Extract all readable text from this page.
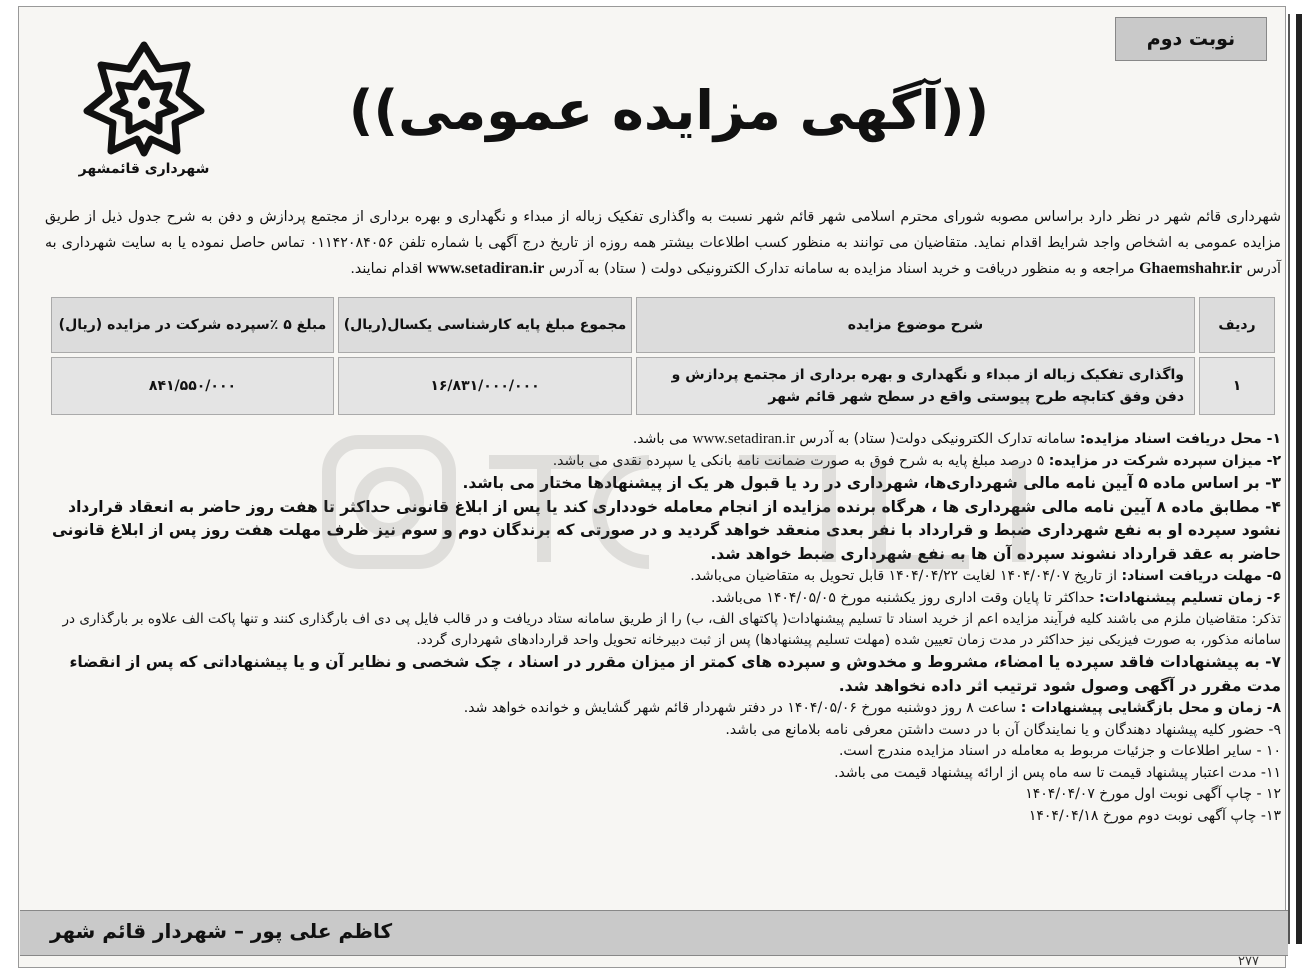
نوبت دوم
شهرداری قائمشهر
((آگهی مزایده عمومی))
شهرداری قائم شهر در نظر دارد براساس مصوبه شورای محترم اسلامی شهر قائم شهر نسبت به واگذاری تفکیک زباله از مبداء و نگهداری و بهره برداری از مجتمع پردازش و دفن به شرح جدول ذیل از طریق مزایده عمومی به اشخاص واجد شرایط اقدام نماید. متقاضیان می توانند به منظور کسب اطلاعات بیشتر همه روزه از تاریخ درج آگهی با شماره تلفن ۰۱۱۴۲۰۸۴۰۵۶ تماس حاصل نموده یا به سایت شهرداری به آدرس Ghaemshahr.ir مراجعه و به منظور دریافت و خرید اسناد مزایده به سامانه تدارک الکترونیکی دولت ( ستاد) به آدرس www.setadiran.ir اقدام نمایند.
ردیف	شرح موضوع مزایده	مجموع مبلغ پایه کارشناسی یکسال(ریال)	مبلغ ۵ ٪سپرده شرکت در مزایده (ریال)
۱	واگذاری تفکیک زباله از مبداء و نگهداری و بهره برداری از مجتمع پردازش و دفن وفق کتابچه طرح پیوستی واقع در سطح شهر قائم شهر	۱۶/۸۳۱/۰۰۰/۰۰۰	۸۴۱/۵۵۰/۰۰۰

۱- محل دریافت اسناد مزایده: سامانه تدارک الکترونیکی دولت( ستاد) به آدرس www.setadiran.ir می باشد.

۲- میزان سپرده شرکت در مزایده: ۵ درصد مبلغ پایه به شرح فوق به صورت ضمانت نامه بانکی یا سپرده نقدی می باشد.

۳- بر اساس ماده ۵ آیین نامه مالی شهرداری‌ها، شهرداری در رد یا قبول هر یک از پیشنهادها مختار می باشد.

۴- مطابق ماده ۸ آیین نامه مالی شهرداری ها ، هرگاه برنده مزایده از انجام معامله خودداری کند یا پس از ابلاغ قانونی حداکثر تا هفت روز حاضر به انعقاد قرارداد نشود سپرده او به نفع شهرداری ضبط و قرارداد با نفر بعدی منعقد خواهد گردید و در صورتی که برندگان دوم و سوم نیز ظرف مهلت هفت روز پس از ابلاغ قانونی حاضر به عقد قرارداد نشوند سپرده آن ها به نفع شهرداری ضبط خواهد شد.

۵- مهلت دریافت اسناد: از تاریخ ۱۴۰۴/۰۴/۰۷ لغایت ۱۴۰۴/۰۴/۲۲ قابل تحویل به متقاضیان می‌باشد.

۶- زمان تسلیم پیشنهادات: حداکثر تا پایان وقت اداری روز یکشنبه مورخ ۱۴۰۴/۰۵/۰۵ می‌باشد.

تذکر: متقاضیان ملزم می باشند کلیه فرآیند مزایده اعم از خرید اسناد تا تسلیم پیشنهادات( پاکتهای الف، ب) را از طریق سامانه ستاد دریافت و در قالب فایل پی دی اف بارگذاری کنند و تنها پاکت الف علاوه بر بارگذاری در سامانه مذکور، به صورت فیزیکی نیز حداکثر در مدت زمان تعیین شده (مهلت تسلیم پیشنهادها) پس از ثبت دبیرخانه تحویل واحد قراردادهای شهرداری گردد.

۷- به پیشنهادات فاقد سپرده یا امضاء، مشروط و مخدوش و سپرده های کمتر از میزان مقرر در اسناد ، چک شخصی و نظایر آن و یا پیشنهاداتی که پس از انقضاء مدت مقرر در آگهی وصول شود ترتیب اثر داده نخواهد شد.

۸- زمان و محل بازگشایی پیشنهادات : ساعت ۸ روز دوشنبه مورخ ۱۴۰۴/۰۵/۰۶ در دفتر شهردار قائم شهر گشایش و خوانده خواهد شد.

۹- حضور کلیه پیشنهاد دهندگان و یا نمایندگان آن با در دست داشتن معرفی نامه بلامانع می باشد.

۱۰ - سایر اطلاعات و جزئیات مربوط به معامله در اسناد مزایده مندرج است.

۱۱- مدت اعتبار پیشنهاد قیمت تا سه ماه پس از ارائه پیشنهاد قیمت می باشد.

۱۲ - چاپ آگهی نوبت اول مورخ ۱۴۰۴/۰۴/۰۷

۱۳- چاپ آگهی نوبت دوم مورخ ۱۴۰۴/۰۴/۱۸

کاظم علی پور – شهردار قائم شهر
۲۷۷
